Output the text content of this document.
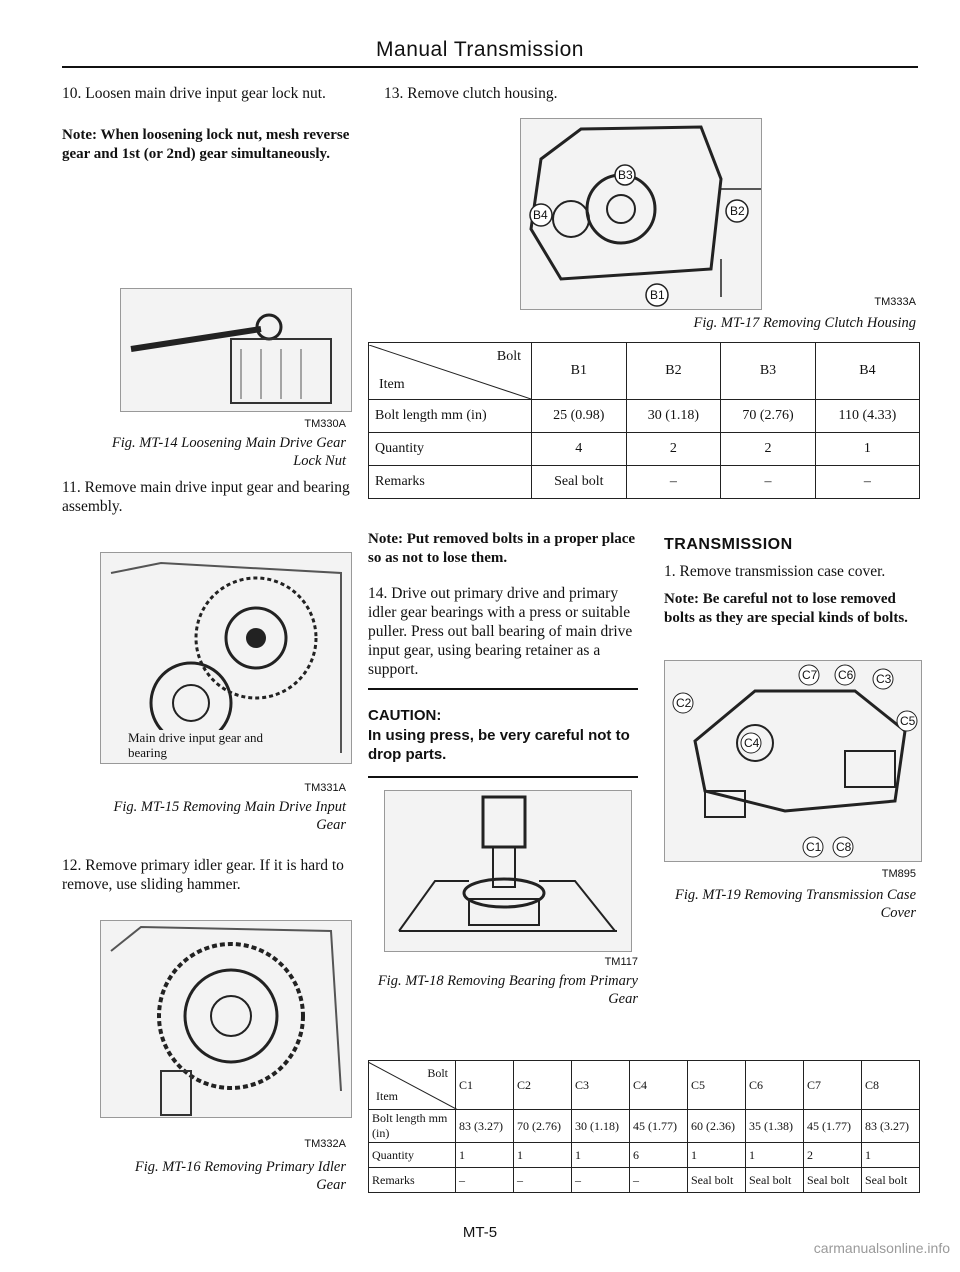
Manual Transmission
10. Loosen main drive input gear lock nut.
Note: When loosening lock nut, mesh reverse gear and 1st (or 2nd) gear simultaneously.
TM330A
Fig. MT-14 Loosening Main Drive Gear Lock Nut
11. Remove main drive input gear and bearing assembly.
Main drive input gear and bearing
TM331A
Fig. MT-15 Removing Main Drive Input Gear
12. Remove primary idler gear. If it is hard to remove, use sliding hammer.
TM332A
Fig. MT-16 Removing Primary Idler Gear
13. Remove clutch housing.
B3
B2
B4
B1	TM333A
Fig. MT-17 Removing Clutch Housing
Bolt
Item	B1	B2	B3	B4
Bolt length mm (in)	25 (0.98)	30 (1.18)	70 (2.76)	110 (4.33)
Quantity	4	2	2	1
Remarks	Seal bolt	–	–	–
Note: Put removed bolts in a proper place so as not to lose them.
14. Drive out primary drive and primary idler gear bearings with a press or suitable puller. Press out ball bearing of main drive input gear, using bearing retainer as a support.
CAUTION:
In using press, be very careful not to drop parts.
TM117
Fig. MT-18 Removing Bearing from Primary Gear
TRANSMISSION
1. Remove transmission case cover.
Note: Be careful not to lose removed bolts as they are special kinds of bolts.
C7 C6 C3
C2
C5
C4
C1 C8
TM895
Fig. MT-19 Removing Transmission Case Cover
Bolt
Item	C1	C2	C3	C4	C5	C6	C7	C8
Bolt length mm (in)	83 (3.27)	70 (2.76)	30 (1.18)	45 (1.77)	60 (2.36)	35 (1.38)	45 (1.77)	83 (3.27)
Quantity	1	1	1	6	1	1	2	1
Remarks	–	–	–	–	Seal bolt	Seal bolt	Seal bolt	Seal bolt
MT-5
carmanualsonline.info
